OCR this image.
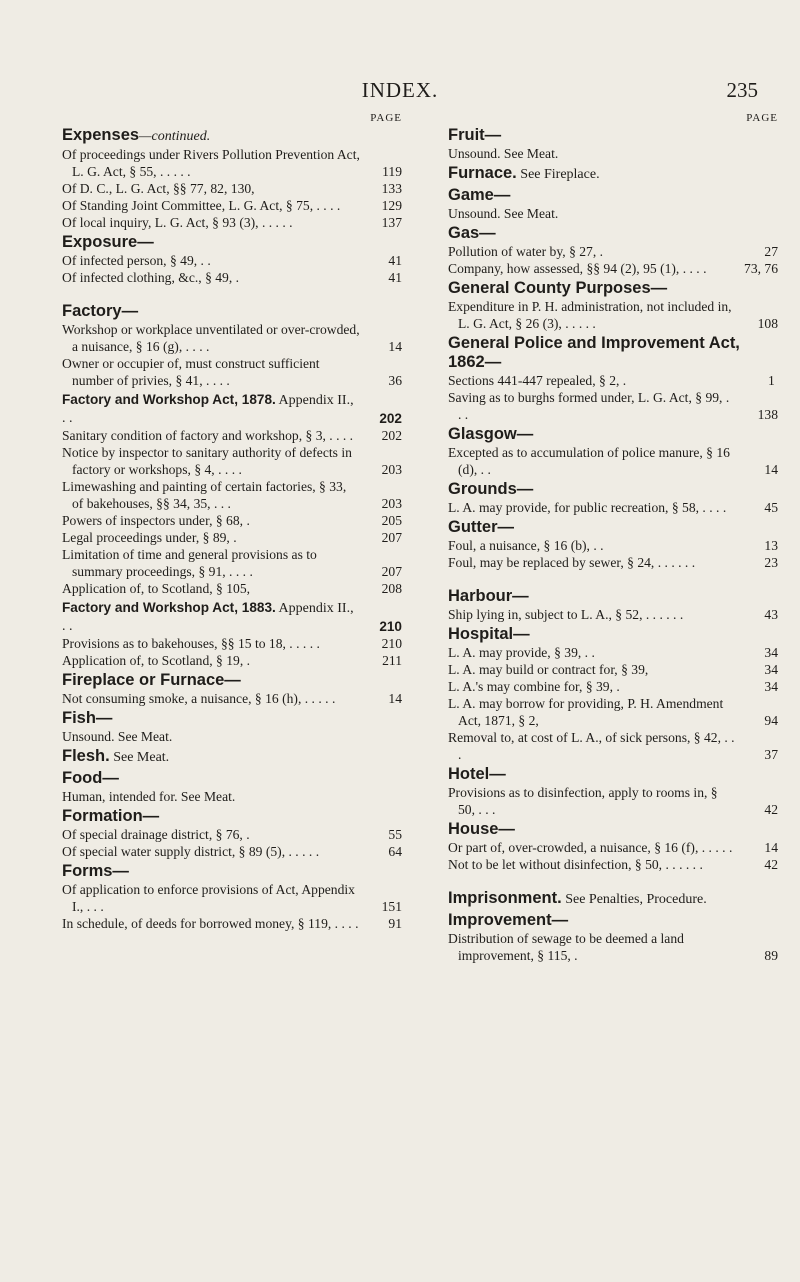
INDEX.	235
PAGE
Expenses—continued.
Of proceedings under Rivers Pollution Prevention Act, L. G. Act, § 55, . . . . .	119
Of D. C., L. G. Act, §§ 77, 82, 130,	133
Of Standing Joint Committee, L. G. Act, § 75, . . . .	129
Of local inquiry, L. G. Act, § 93 (3), . . . . .	137
Exposure—
Of infected person, § 49, . .	41
Of infected clothing, &c., § 49, .	41
Factory—
Workshop or workplace unventilated or over-crowded, a nuisance, § 16 (g), . . . .	14
Owner or occupier of, must construct sufficient number of privies, § 41, . . . .	36
Factory and Workshop Act, 1878. Appendix II., . .	202
Sanitary condition of factory and workshop, § 3, . . . . 202
Notice by inspector to sanitary authority of defects in factory or workshops, § 4, . . . .	203
Limewashing and painting of certain factories, § 33, of bakehouses, §§ 34, 35, . . .	203
Powers of inspectors under, § 68, .	205
Legal proceedings under, § 89, .	207
Limitation of time and general provisions as to summary proceedings, § 91, . . . .	207
Application of, to Scotland, § 105,	208
Factory and Workshop Act, 1883. Appendix II., . .	210
Provisions as to bakehouses, §§ 15 to 18, . . . . .	210
Application of, to Scotland, § 19, .	211
Fireplace or Furnace—
Not consuming smoke, a nuisance, § 16 (h), . . . . .	14
Fish—
Unsound. See Meat.
Flesh. See Meat.
Food—
Human, intended for. See Meat.
Formation—
Of special drainage district, § 76, .	55
Of special water supply district, § 89 (5), . . . . .	64
Forms—
Of application to enforce provisions of Act, Appendix I., . . .	151
In schedule, of deeds for borrowed money, § 119, . . . . 91
PAGE
Fruit—
Unsound. See Meat.
Furnace. See Fireplace.
Game—
Unsound. See Meat.
Gas—
Pollution of water by, § 27, .	27
Company, how assessed, §§ 94 (2), 95 (1), . . . .	73, 76
General County Purposes—
Expenditure in P. H. administration, not included in, L. G. Act, § 26 (3), . . . . .	108
General Police and Improvement Act, 1862—
Sections 441-447 repealed, § 2, .	1
Saving as to burghs formed under, L. G. Act, § 99, . . .	138
Glasgow—
Excepted as to accumulation of police manure, § 16 (d), . .	14
Grounds—
L. A. may provide, for public recreation, § 58, . . . .	45
Gutter—
Foul, a nuisance, § 16 (b), . .	13
Foul, may be replaced by sewer, § 24, . . . . . .	23
Harbour—
Ship lying in, subject to L. A., § 52, . . . . . .	43
Hospital—
L. A. may provide, § 39, . .	34
L. A. may build or contract for, § 39,	34
L. A.'s may combine for, § 39, .	34
L. A. may borrow for providing, P. H. Amendment Act, 1871, § 2,	94
Removal to, at cost of L. A., of sick persons, § 42, . . .	37
Hotel—
Provisions as to disinfection, apply to rooms in, § 50, . . .	42
House—
Or part of, over-crowded, a nuisance, § 16 (f), . . . . . 14
Not to be let without disinfection, § 50, . . . . . .	42
Imprisonment. See Penalties, Procedure.
Improvement—
Distribution of sewage to be deemed a land improvement, § 115, .	89
